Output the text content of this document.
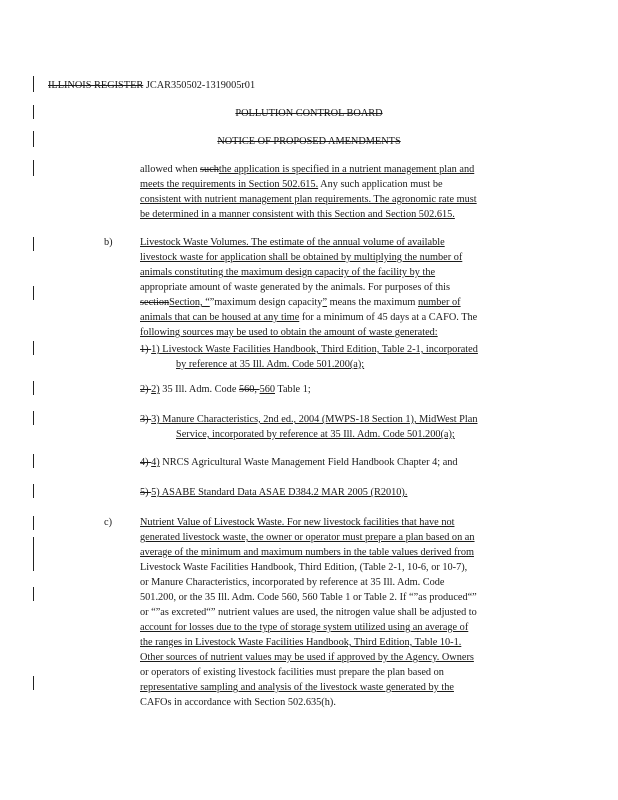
ILLINOIS REGISTER JCAR350502-1319005r01
POLLUTION CONTROL BOARD
NOTICE OF PROPOSED AMENDMENTS
allowed when suchthe application is specified in a nutrient management plan and
meets the requirements in Section 502.615. Any such application must be
consistent with nutrient management plan requirements. The agronomic rate must
be determined in a manner consistent with this Section and Section 502.615.
b)	Livestock Waste Volumes. The estimate of the annual volume of available
livestock waste for application shall be obtained by multiplying the number of
animals constituting the maximum design capacity of the facility by the
appropriate amount of waste generated by the animals. For purposes of this
sectionSection, “”maximum design capacity” means the maximum number of
animals that can be housed at any time for a minimum of 45 days at a CAFO. The
following sources may be used to obtain the amount of waste generated:
1) 1) Livestock Waste Facilities Handbook, Third Edition, Table 2-1, incorporated
by reference at 35 Ill. Adm. Code 501.200(a);
2) 2) 35 Ill. Adm. Code 560, 560 Table 1;
3) 3) Manure Characteristics, 2nd ed., 2004 (MWPS-18 Section 1), MidWest Plan
Service, incorporated by reference at 35 Ill. Adm. Code 501.200(a);
4) 4) NRCS Agricultural Waste Management Field Handbook Chapter 4; and
5) 5) ASABE Standard Data ASAE D384.2 MAR 2005 (R2010).
c)	Nutrient Value of Livestock Waste. For new livestock facilities that have not
generated livestock waste, the owner or operator must prepare a plan based on an
average of the minimum and maximum numbers in the table values derived from
Livestock Waste Facilities Handbook, Third Edition, (Table 2-1, 10-6, or 10-7),
or Manure Characteristics, incorporated by reference at 35 Ill. Adm. Code
501.200, or the 35 Ill. Adm. Code 560, 560 Table 1 or Table 2. If “”as produced“”
or “”as excreted“” nutrient values are used, the nitrogen value shall be adjusted to
account for losses due to the type of storage system utilized using an average of
the ranges in Livestock Waste Facilities Handbook, Third Edition, Table 10-1.
Other sources of nutrient values may be used if approved by the Agency. Owners
or operators of existing livestock facilities must prepare the plan based on
representative sampling and analysis of the livestock waste generated by the
CAFOs in accordance with Section 502.635(h).
